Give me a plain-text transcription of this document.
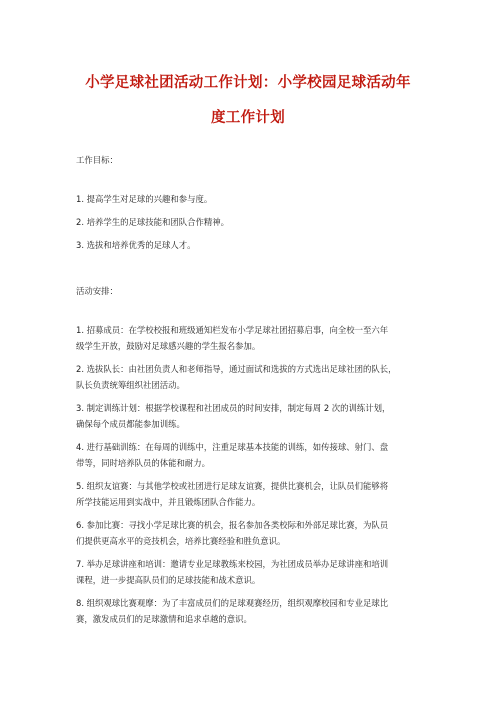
小学足球社团活动工作计划：小学校园足球活动年
度工作计划
工作目标：
1. 提高学生对足球的兴趣和参与度。
2. 培养学生的足球技能和团队合作精神。
3. 选拔和培养优秀的足球人才。
活动安排：
1. 招募成员：在学校校报和班级通知栏发布小学足球社团招募启事，向全校一至六年
级学生开放，鼓励对足球感兴趣的学生报名参加。
2. 选拔队长：由社团负责人和老师指导，通过面试和选拔的方式选出足球社团的队长，
队长负责统筹组织社团活动。
3. 制定训练计划：根据学校课程和社团成员的时间安排，制定每周 2 次的训练计划，
确保每个成员都能参加训练。
4. 进行基础训练：在每周的训练中，注重足球基本技能的训练，如传接球、射门、盘
带等，同时培养队员的体能和耐力。
5. 组织友谊赛：与其他学校或社团进行足球友谊赛，提供比赛机会，让队员们能够将
所学技能运用到实战中，并且锻炼团队合作能力。
6. 参加比赛：寻找小学足球比赛的机会，报名参加各类校际和外部足球比赛，为队员
们提供更高水平的竞技机会，培养比赛经验和胜负意识。
7. 举办足球讲座和培训：邀请专业足球教练来校园，为社团成员举办足球讲座和培训
课程，进一步提高队员们的足球技能和战术意识。
8. 组织观球比赛观摩：为了丰富成员们的足球观赛经历，组织观摩校园和专业足球比
赛，激发成员们的足球激情和追求卓越的意识。
